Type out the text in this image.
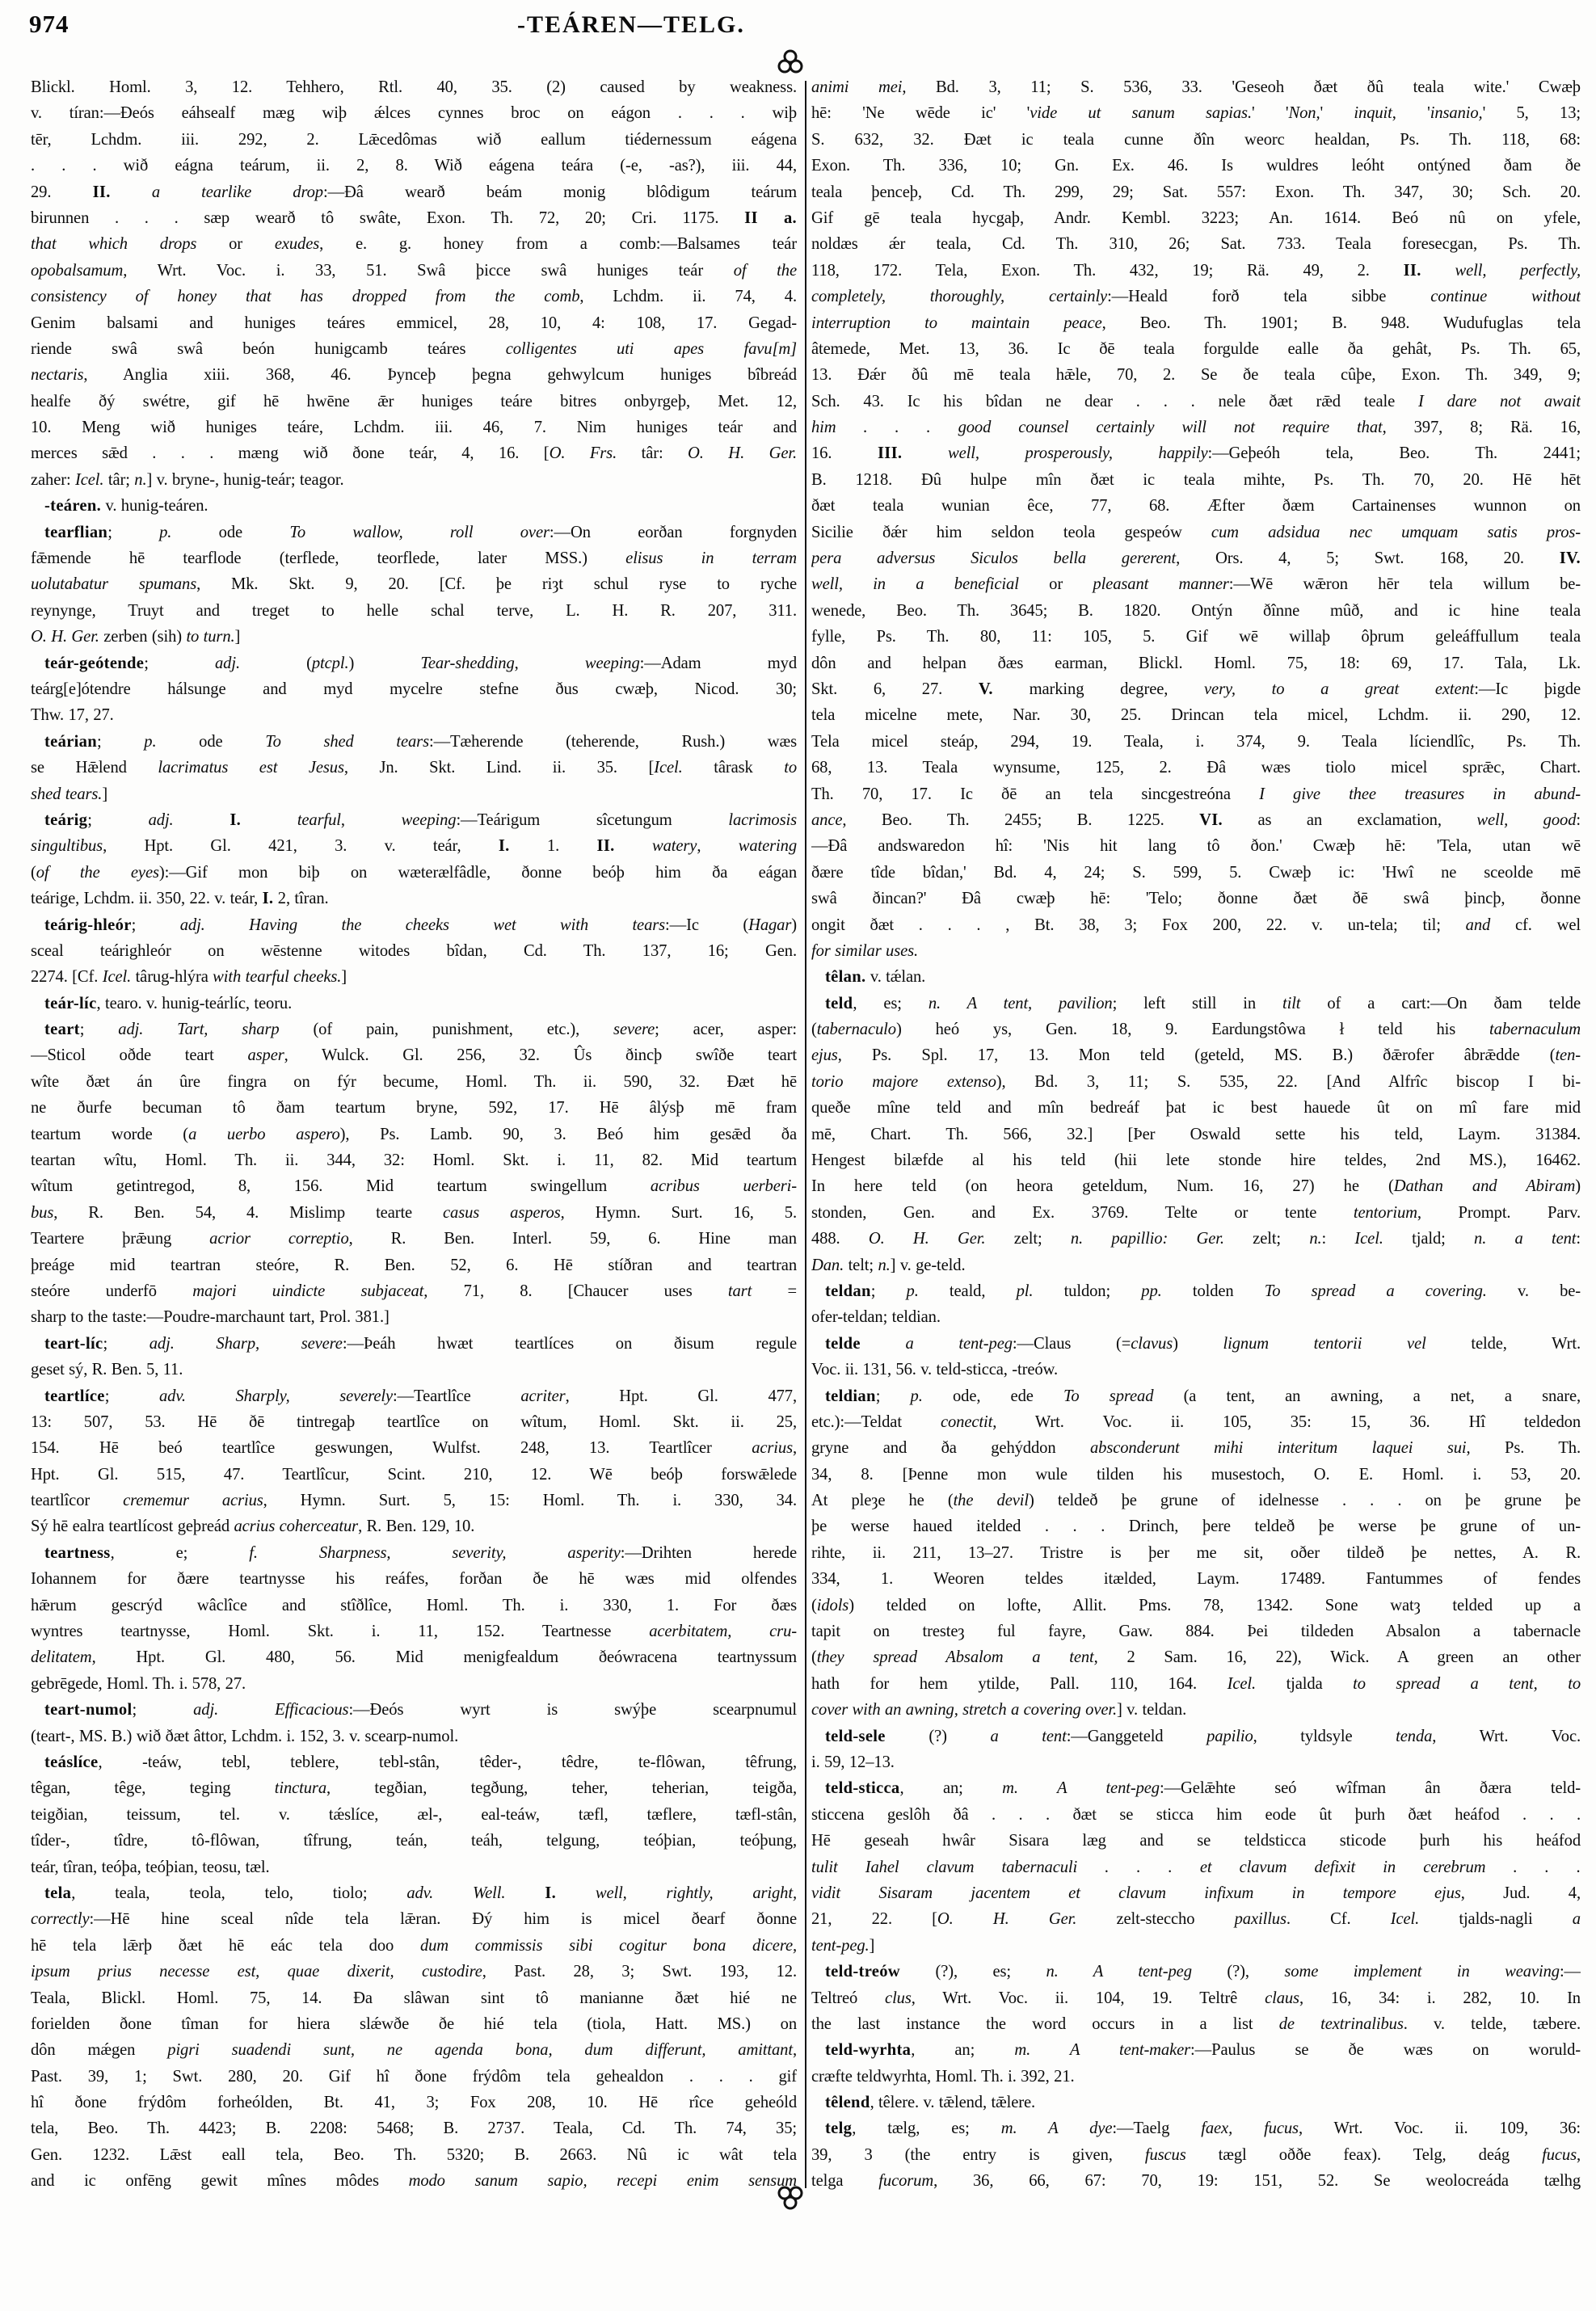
974	-TEÁREN—TELG.
Blickl. Homl. 3, 12. Tehhero, Rtl. 40, 35. (2) caused by weakness.
v. tíran:—Ðeós eáhsealf mæg wiþ ǽlces cynnes broc on eágon . . . wiþ
tēr, Lchdm. iii. 292, 2. Lǣcedômas wið eallum tiédernessum eágena
. . . wið eágna teárum, ii. 2, 8. Wið eágena teára (-e, -as?), iii. 44,
29. II. a tearlike drop:—Ðâ wearð beám monig blôdigum teárum
birunnen . . . sæp wearð tô swâte, Exon. Th. 72, 20; Cri. 1175. II a.
that which drops or exudes, e. g. honey from a comb:—Balsames teár
opobalsamum, Wrt. Voc. i. 33, 51. Swâ þicce swâ huniges teár of the
consistency of honey that has dropped from the comb, Lchdm. ii. 74, 4.
Genim balsami and huniges teáres emmicel, 28, 10, 4: 108, 17. Gegad-
riende swâ swâ beón hunigcamb teáres colligentes uti apes favu[m]
nectaris, Anglia xiii. 368, 46. Þynceþ þegna gehwylcum huniges bîbreád
healfe ðý swétre, gif hē hwēne ǣr huniges teáre bitres onbyrgeþ, Met. 12,
10. Meng wið huniges teáre, Lchdm. iii. 46, 7. Nim huniges teár and
merces sǣd . . . mæng wið ðone teár, 4, 16. [O. Frs. târ: O. H. Ger.
zaher: Icel. târ; n.] v. bryne-, hunig-teár; teagor.
-teáren. v. hunig-teáren.
tearflian; p. ode To wallow, roll over:—On eorðan forgnyden
fǣmende hē tearflode (terflede, teorflede, later MSS.) elisus in terram
uolutabatur spumans, Mk. Skt. 9, 20. [Cf. þe riȝt schul ryse to ryche
reynynge, Truyt and treget to helle schal terve, L. H. R. 207, 311.
O. H. Ger. zerben (sih) to turn.]
teár-geótende; adj. (ptcpl.) Tear-shedding, weeping:—Adam myd
teárg[e]ótendre hálsunge and myd mycelre stefne ðus cwæþ, Nicod. 30;
Thw. 17, 27.
teárian; p. ode To shed tears:—Tæherende (teherende, Rush.) wæs
se Hǣlend lacrimatus est Jesus, Jn. Skt. Lind. ii. 35. [Icel. târask to
shed tears.]
teárig; adj.	I.	tearful, weeping:—Teárigum sîcetungum lacrimosis
singultibus, Hpt. Gl. 421, 3. v. teár, I. 1. II. watery, watering
(of the eyes):—Gif mon biþ on wæterælfâdle, ðonne beóþ him ða eágan
teárige, Lchdm. ii. 350, 22. v. teár, I. 2, tîran.
teárig-hleór; adj. Having the cheeks wet with tears:—Ic (Hagar)
sceal teárighleór on wēstenne witodes bîdan, Cd. Th. 137, 16; Gen.
2274. [Cf. Icel. târug-hlýra with tearful cheeks.]
teár-líc, tearo. v. hunig-teárlíc, teoru.
teart; adj. Tart, sharp (of pain, punishment, etc.), severe; acer, asper:
—Sticol oðde teart asper, Wulck. Gl. 256, 32. Ûs ðincþ swîðe teart
wîte ðæt án ûre fingra on fýr becume, Homl. Th. ii. 590, 32. Ðæt hē
ne ðurfe becuman tô ðam teartum bryne, 592, 17. Hē âlýsþ mē fram
teartum worde (a uerbo aspero), Ps. Lamb. 90, 3. Beó him gesǣd ða
teartan wîtu, Homl. Th. ii. 344, 32: Homl. Skt. i. 11, 82. Mid teartum
wîtum getintregod, 8, 156. Mid teartum swingellum acribus uerberi-
bus, R. Ben. 54, 4. Mislimp tearte casus asperos, Hymn. Surt. 16, 5.
Teartere þrǣung acrior correptio, R. Ben. Interl. 59, 6. Hine man
þreáge mid teartran steóre, R. Ben. 52, 6. Hē stíðran and teartran
steóre underfō majori uindicte subjaceat, 71, 8. [Chaucer uses tart =
sharp to the taste:—Poudre-marchaunt tart, Prol. 381.]
teart-líc; adj. Sharp, severe:—Þeáh hwæt teartlíces on ðisum regule
geset sý, R. Ben. 5, 11.
teartlíce; adv. Sharply, severely:—Teartlîce acriter, Hpt. Gl. 477,
13: 507, 53. Hē ðē tintregaþ teartlîce on wîtum, Homl. Skt. ii. 25,
154. Hē beó teartlîce geswungen, Wulfst. 248, 13. Teartlîcer acrius,
Hpt. Gl. 515, 47. Teartlîcur, Scint. 210, 12. Wē beóþ forswǣlede
teartlîcor crememur acrius, Hymn. Surt. 5, 15: Homl. Th. i. 330, 34.
Sý hē ealra teartlícost geþreád acrius coherceatur, R. Ben. 129, 10.
teartness, e; f. Sharpness, severity, asperity:—Drihten herede
Iohannem for ðære teartnysse his reáfes, forðan ðe hē wæs mid olfendes
hǣrum gescrýd wâclîce and stîðlîce, Homl. Th. i. 330, 1. For ðæs
wyntres teartnysse, Homl. Skt. i. 11, 152. Teartnesse acerbitatem, cru-
delitatem, Hpt. Gl. 480, 56. Mid menigfealdum ðeówracena teartnyssum
gebrēgede, Homl. Th. i. 578, 27.
teart-numol; adj. Efficacious:—Ðeós wyrt is swýþe scearpnumul
(teart-, MS. B.) wið ðæt âttor, Lchdm. i. 152, 3. v. scearp-numol.
teáslíce, -teáw, tebl, teblere, tebl-stân, têder-, têdre, te-flôwan, têfrung,
têgan, têge, teging tinctura, tegðian, tegðung, teher, teherian, teigða,
teigðian, teissum, tel. v. tǽslíce, æl-, eal-teáw, tæfl, tæflere, tæfl-stân,
tîder-, tîdre, tô-flôwan, tîfrung, teán, teáh, telgung, teóþian, teóþung,
teár, tîran, teóþa, teóþian, teosu, tæl.
tela, teala, teola, telo, tiolo; adv. Well. I. well, rightly, aright,
correctly:—Hē hine sceal nîde tela lǣran. Ðý him is micel ðearf ðonne
hē tela lǣrþ ðæt hē eác tela doo dum commissis sibi cogitur bona dicere,
ipsum prius necesse est, quae dixerit, custodire, Past. 28, 3; Swt. 193, 12.
Teala, Blickl. Homl. 75, 14. Ða slâwan sint tô manianne ðæt hié ne
forielden ðone tîman for hiera slǽwðe ðe hié tela (tiola, Hatt. MS.) on
dôn mǽgen pigri suadendi sunt, ne agenda bona, dum differunt, amittant,
Past. 39, 1; Swt. 280, 20. Gif hî ðone frýdôm tela gehealdon . . . gif
hî ðone frýdôm forheólden, Bt. 41, 3; Fox 208, 10. Hē rîce geheóld
tela, Beo. Th. 4423; B. 2208: 5468; B. 2737. Teala, Cd. Th. 74, 35;
Gen. 1232. Lǣst eall tela, Beo. Th. 5320; B. 2663. Nû ic wât tela
and ic onfēng gewit mînes môdes modo sanum sapio, recepi enim sensum
animi mei, Bd. 3, 11; S. 536, 33. 'Geseoh ðæt ðû teala wite.' Cwæþ
hē: 'Ne wēde ic' 'vide ut sanum sapias.' 'Non,' inquit, 'insanio,' 5, 13;
S. 632, 32. Ðæt ic teala cunne ðîn weorc healdan, Ps. Th. 118, 68:
Exon. Th. 336, 10; Gn. Ex. 46. Is wuldres leóht ontýned ðam ðe
teala þenceþ, Cd. Th. 299, 29; Sat. 557: Exon. Th. 347, 30; Sch. 20.
Gif gē teala hycgaþ, Andr. Kembl. 3223; An. 1614. Beó nû on yfele,
noldæs ǽr teala, Cd. Th. 310, 26; Sat. 733. Teala foresecgan, Ps. Th.
118, 172. Tela, Exon. Th. 432, 19; Rä. 49, 2. II. well, perfectly,
completely, thoroughly, certainly:—Heald forð tela sibbe continue without
interruption to maintain peace, Beo. Th. 1901; B. 948. Wudufuglas tela
âtemede, Met. 13, 36. Ic ðē teala forgulde ealle ða gehât, Ps. Th. 65,
13. Ðǽr ðû mē teala hǣle, 70, 2. Se ðe teala cûþe, Exon. Th. 349, 9;
Sch. 43. Ic his bîdan ne dear . . . nele ðæt rǣd teale I dare not await
him . . . good counsel certainly will not require that, 397, 8; Rä. 16,
16. III.	well, prosperously, happily:—Geþeóh tela, Beo. Th. 2441;
B. 1218. Ðû hulpe mîn ðæt ic teala mihte, Ps. Th. 70, 20. Hē hēt
ðæt teala wunian êce, 77, 68. Æfter ðæm Cartainenses wunnon on
Sicilie ðǽr him seldon teola gespeów cum adsidua nec umquam satis pros-
pera adversus Siculos bella gererent, Ors. 4, 5; Swt. 168, 20. IV.
well, in a beneficial or pleasant manner:—Wē wǣron hēr tela willum be-
wenede, Beo. Th. 3645; B. 1820. Ontýn ðînne mûð, and ic hine teala
fylle, Ps. Th. 80, 11: 105, 5. Gif wē willaþ ôþrum geleáffullum teala
dôn and helpan ðæs earman, Blickl. Homl. 75, 18: 69, 17. Tala, Lk.
Skt. 6, 27. V. marking degree, very, to a great extent:—Ic þigde
tela micelne mete, Nar. 30, 25. Drincan tela micel, Lchdm. ii. 290, 12.
Tela micel steáp, 294, 19. Teala, i. 374, 9. Teala líciendlîc, Ps. Th.
68, 13. Teala wynsume, 125, 2. Ðâ wæs tiolo micel sprǣc, Chart.
Th. 70, 17. Ic ðē an tela sincgestreóna I give thee treasures in abund-
ance, Beo. Th. 2455; B. 1225. VI. as an exclamation, well, good:
—Ðâ andswaredon hî: 'Nis hit lang tô ðon.' Cwæþ hē: 'Tela, utan wē
ðære tîde bîdan,' Bd. 4, 24; S. 599, 5. Cwæþ ic: 'Hwî ne sceolde mē
swâ ðincan?' Ðâ cwæþ hē: 'Telo; ðonne ðæt ðē swâ þincþ, ðonne
ongit ðæt . . . , Bt. 38, 3; Fox 200, 22. v. un-tela; til; and cf. wel
for similar uses.
têlan. v. tǽlan.
teld, es; n. A tent, pavilion; left still in tilt of a cart:—On ðam telde
(tabernaculo) heó ys, Gen. 18, 9. Eardungstôwa ł teld his tabernaculum
ejus, Ps. Spl. 17, 13. Mon teld (geteld, MS. B.) ðǣrofer âbrǣdde (ten-
torio majore extenso), Bd. 3, 11; S. 535, 22. [And Alfrîc biscop I bi-
queðe mîne teld and mîn bedreáf þat ic best hauede ût on mî fare mid
mē, Chart. Th. 566, 32.] [Þer Oswald sette his teld, Laym. 31384.
Hengest bilæfde al his teld (hii lete stonde hire teldes, 2nd MS.), 16462.
In here teld (on heora geteldum, Num. 16, 27) he (Dathan and Abiram)
stonden, Gen. and Ex. 3769. Telte or tente tentorium, Prompt. Parv.
488. O. H. Ger. zelt; n. papillio: Ger. zelt; n.: Icel. tjald; n. a tent:
Dan. telt; n.] v. ge-teld.
teldan; p. teald, pl. tuldon; pp. tolden To spread a covering. v. be-
ofer-teldan; teldian.
telde	a tent-peg:—Claus (=clavus) lignum tentorii vel telde, Wrt.
Voc. ii. 131, 56. v. teld-sticca, -treów.
teldian; p. ode, ede To spread (a tent, an awning, a net, a snare,
etc.):—Teldat conectit, Wrt. Voc. ii. 105, 35: 15, 36. Hî teldedon
gryne and ða gehýddon absconderunt mihi interitum laquei sui, Ps. Th.
34, 8. [Þenne mon wule tilden his musestoch, O. E. Homl. i. 53, 20.
At pleȝe he (the devil) teldeð þe grune of idelnesse . . . on þe grune þe
þe werse haued itelded . . . Drinch, þere teldeð þe werse þe grune of un-
rihte, ii. 211, 13–27. Tristre is þer me sit, oðer tildeð þe nettes, A. R.
334, 1. Weoren teldes itælded, Laym. 17489. Fantummes of fendes
(idols) telded on lofte, Allit. Pms. 78, 1342. Sone watȝ telded up a
tapit on tresteȝ ful fayre, Gaw. 884. Þei tildeden Absalon a tabernacle
(they spread Absalom a tent, 2 Sam. 16, 22), Wick. A green an other
hath for hem ytilde, Pall. 110, 164. Icel. tjalda to spread a tent, to
cover with an awning, stretch a covering over.] v. teldan.
teld-sele (?) a tent:—Ganggeteld papilio, tyldsyle tenda, Wrt. Voc.
i. 59, 12–13.
teld-sticca, an; m. A tent-peg:—Gelǣhte seó wîfman ân ðæra teld-
sticcena geslôh ðâ . . . ðæt se sticca him eode ût þurh ðæt heáfod . . .
Hē geseah hwâr Sisara læg and se teldsticca sticode þurh his heáfod
tulit Iahel clavum tabernaculi . . . et clavum defixit in cerebrum . . .
vidit Sisaram jacentem et clavum infixum in tempore ejus, Jud. 4,
21, 22. [O. H. Ger. zelt-steccho paxillus. Cf. Icel. tjalds-nagli a
tent-peg.]
teld-treów (?), es; n. A tent-peg (?), some implement in weaving:—
Teltreó clus, Wrt. Voc. ii. 104, 19. Teltrê claus, 16, 34: i. 282, 10. In
the last instance the word occurs in a list de textrinalibus. v. telde, tæbere.
teld-wyrhta, an; m. A tent-maker:—Paulus se ðe wæs on woruld-
cræfte teldwyrhta, Homl. Th. i. 392, 21.
têlend, têlere. v. tǣlend, tǣlere.
telg, tælg, es; m. A dye:—Taelg faex, fucus, Wrt. Voc. ii. 109, 36:
39, 3 (the entry is given, fuscus tægl oððe feax). Telg, deág fucus,
telga fucorum, 36, 66, 67: 70, 19: 151, 52. Se weolocreáda tælhg
